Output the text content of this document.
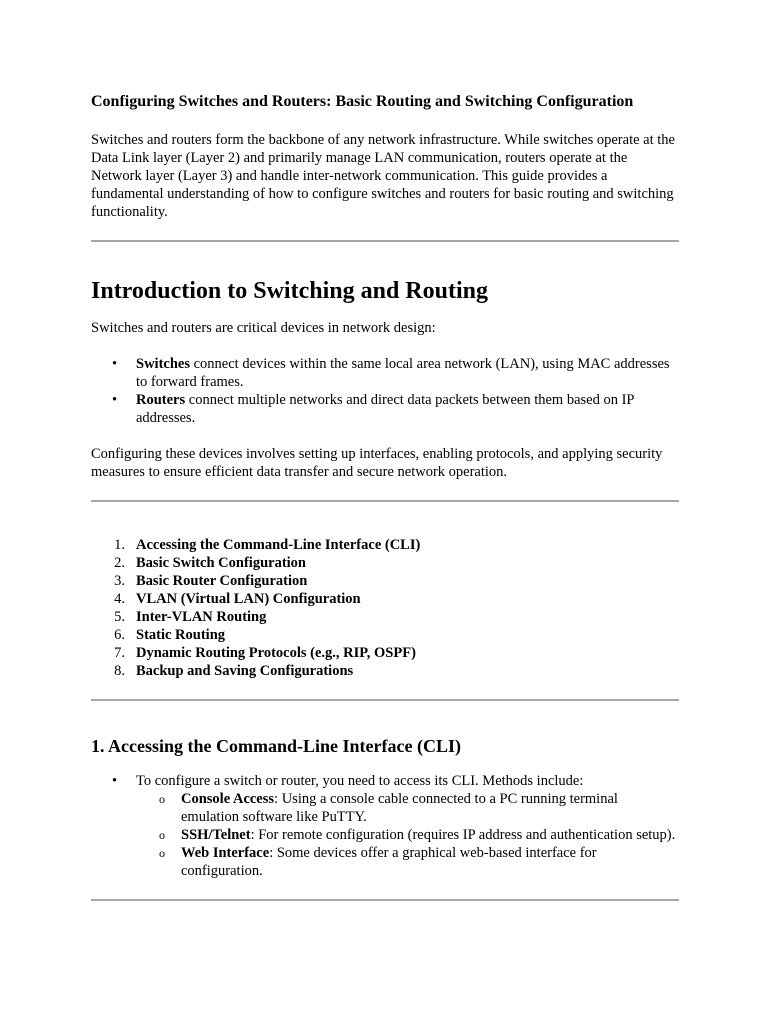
Configuring Switches and Routers: Basic Routing and Switching Configuration

Switches and routers form the backbone of any network infrastructure. While switches operate at the Data Link layer (Layer 2) and primarily manage LAN communication, routers operate at the Network layer (Layer 3) and handle inter-network communication. This guide provides a fundamental understanding of how to configure switches and routers for basic routing and switching functionality.

Introduction to Switching and Routing

Switches and routers are critical devices in network design:

• Switches connect devices within the same local area network (LAN), using MAC addresses to forward frames.
• Routers connect multiple networks and direct data packets between them based on IP addresses.

Configuring these devices involves setting up interfaces, enabling protocols, and applying security measures to ensure efficient data transfer and secure network operation.

1. Accessing the Command-Line Interface (CLI)
2. Basic Switch Configuration
3. Basic Router Configuration
4. VLAN (Virtual LAN) Configuration
5. Inter-VLAN Routing
6. Static Routing
7. Dynamic Routing Protocols (e.g., RIP, OSPF)
8. Backup and Saving Configurations
1. Accessing the Command-Line Interface (CLI)
• To configure a switch or router, you need to access its CLI. Methods include:
o Console Access: Using a console cable connected to a PC running terminal emulation software like PuTTY.
o SSH/Telnet: For remote configuration (requires IP address and authentication setup).
o Web Interface: Some devices offer a graphical web-based interface for configuration.
